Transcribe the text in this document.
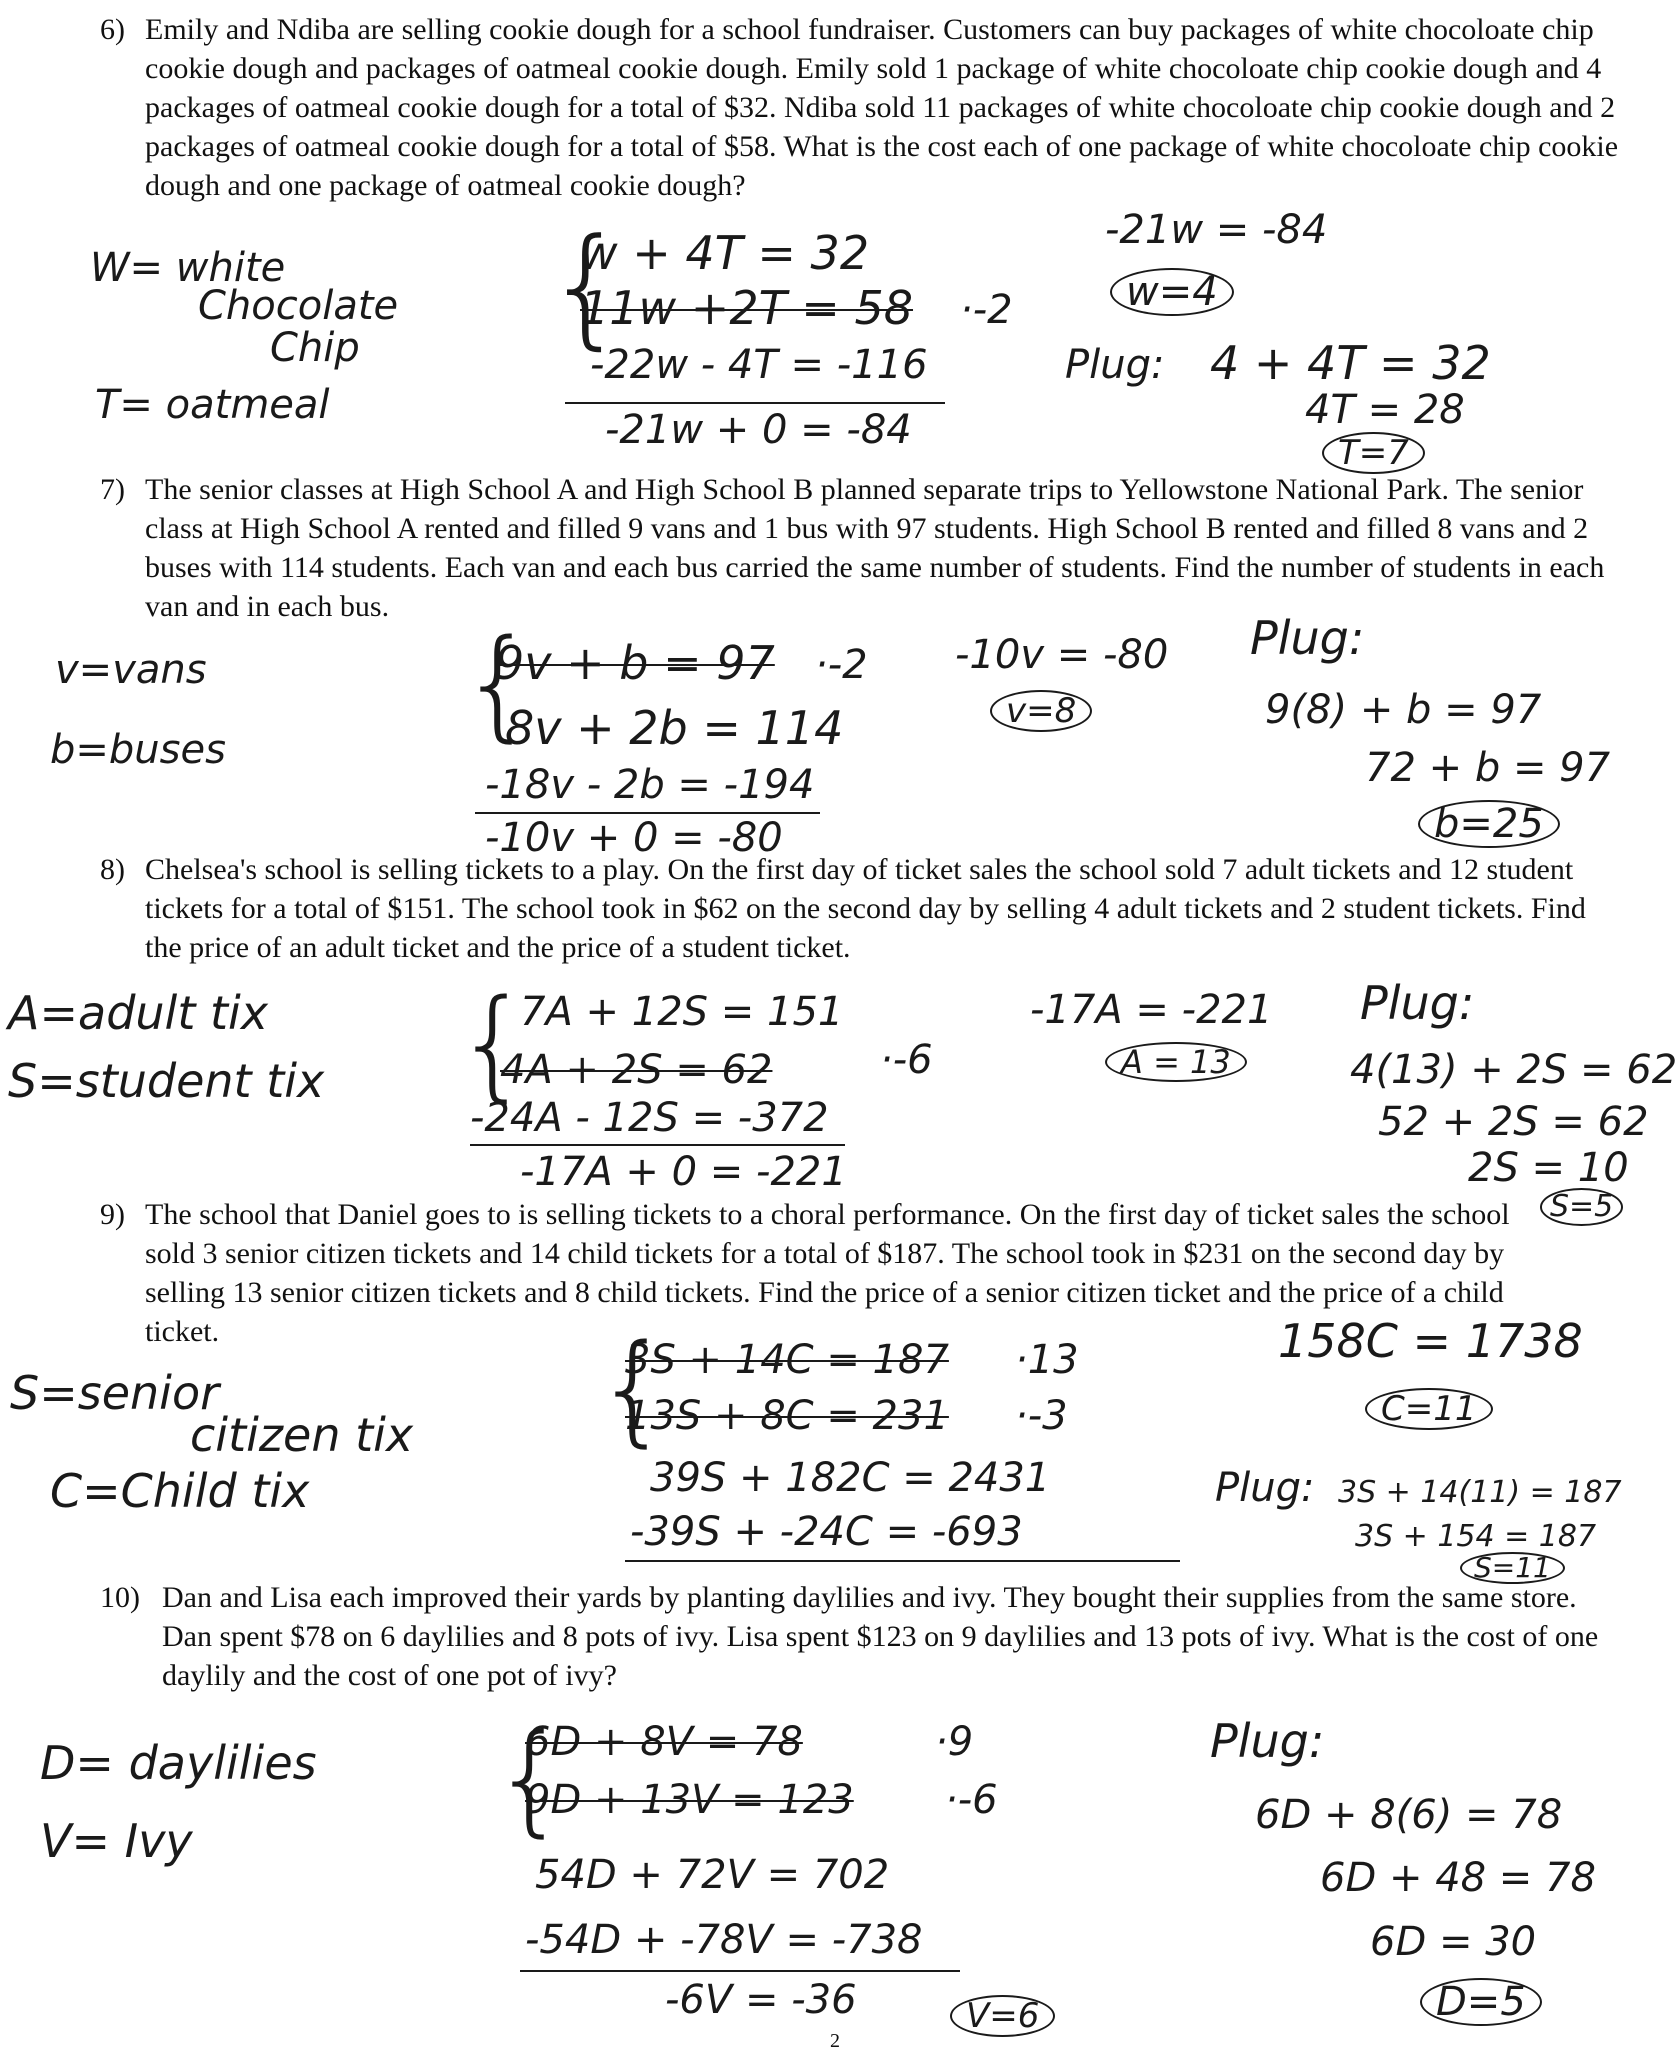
6) Emily and Ndiba are selling cookie dough for a school fundraiser. Customers can buy packages of white chocoloate chip cookie dough and packages of oatmeal cookie dough. Emily sold 1 package of white chocoloate chip cookie dough and 4 packages of oatmeal cookie dough for a total of $32. Ndiba sold 11 packages of white chocoloate chip cookie dough and 2 packages of oatmeal cookie dough for a total of $58. What is the cost each of one package of white chocoloate chip cookie dough and one package of oatmeal cookie dough?

W= white
Chocolate
Chip
T= oatmeal
{
w + 4T = 32
11w +2T = 58 ·-2
-22w - 4T = -116
-21w + 0 = -84
-21w = -84
w=4
Plug: 4 + 4T = 32
4T = 28
T=7
7) The senior classes at High School A and High School B planned separate trips to Yellowstone National Park. The senior class at High School A rented and filled 9 vans and 1 bus with 97 students. High School B rented and filled 8 vans and 2 buses with 114 students. Each van and each bus carried the same number of students. Find the number of students in each van and in each bus.

v=vans
b=buses {
9v + b = 97 ·-2
8v + 2b = 114
-18v - 2b = -194
-10v + 0 = -80
-10v = -80
v=8
Plug:
9(8) + b = 97
72 + b = 97
b=25
8) Chelsea's school is selling tickets to a play. On the first day of ticket sales the school sold 7 adult tickets and 12 student tickets for a total of $151. The school took in $62 on the second day by selling 4 adult tickets and 2 student tickets. Find the price of an adult ticket and the price of a student ticket.

A=adult tix
S=student tix {
7A + 12S = 151
4A + 2S = 62	·-6
-24A - 12S = -372
-17A + 0 = -221
-17A = -221
A = 13
Plug:
4(13) + 2S = 62
52 + 2S = 62
2S = 10
S=5
9) The school that Daniel goes to is selling tickets to a choral performance. On the first day of ticket sales the school sold 3 senior citizen tickets and 14 child tickets for a total of $187. The school took in $231 on the second day by selling 13 senior citizen tickets and 8 child tickets. Find the price of a senior citizen ticket and the price of a child ticket.

S=senior
citizen tix
C=Child tix
{
3S + 14C = 187 ·13
13S + 8C = 231 ·-3
39S + 182C = 2431
-39S + -24C = -693
158C = 1738
C=11
Plug: 3S + 14(11) = 187
3S + 154 = 187
S=11
10) Dan and Lisa each improved their yards by planting daylilies and ivy. They bought their supplies from the same store. Dan spent $78 on 6 daylilies and 8 pots of ivy. Lisa spent $123 on 9 daylilies and 13 pots of ivy. What is the cost of one daylily and the cost of one pot of ivy?

D= daylilies
V= Ivy {
6D + 8V = 78	·9
9D + 13V = 123 ·-6
54D + 72V = 702
-54D + -78V = -738
-6V = -36	V=6
Plug:
6D + 8(6) = 78
6D + 48 = 78
6D = 30
D=5
2
